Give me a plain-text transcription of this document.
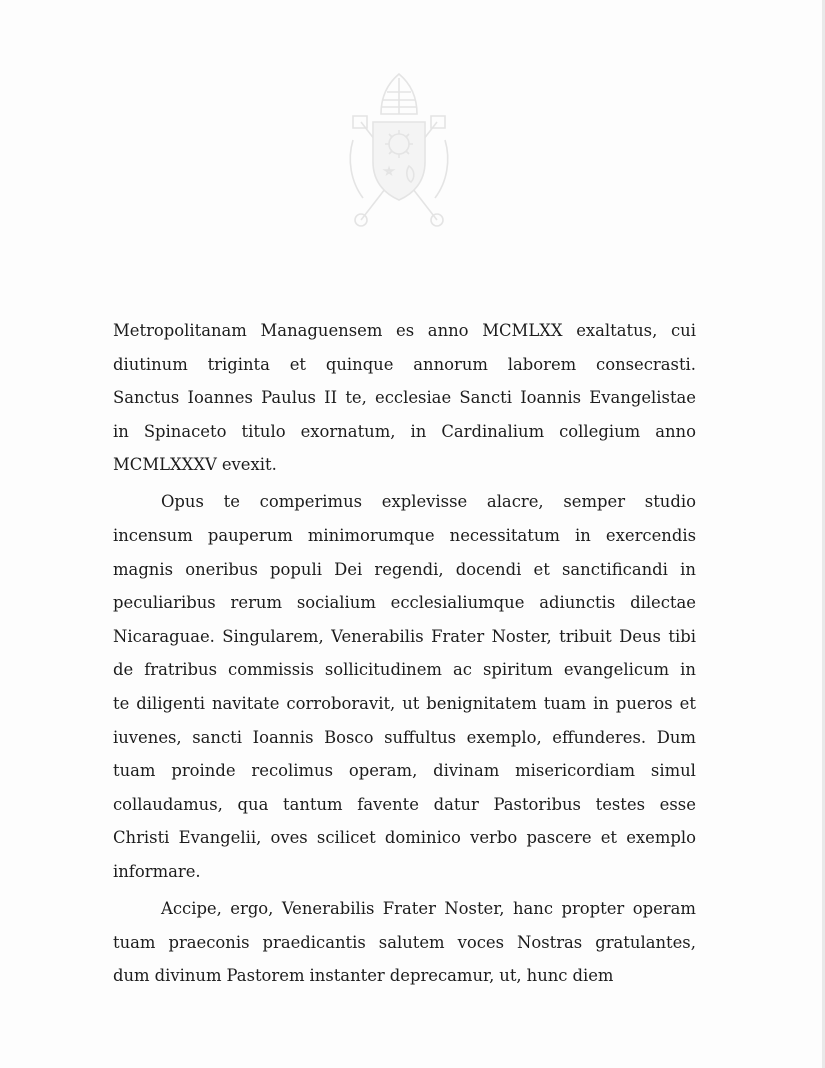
Metropolitanam Managuensem es anno MCMLXX exaltatus, cui
diutinum triginta et quinque annorum laborem consecrasti.
Sanctus Ioannes Paulus II te, ecclesiae Sancti Ioannis Evangelistae
in Spinaceto titulo exornatum, in Cardinalium collegium anno
MCMLXXXV evexit.
Opus te comperimus explevisse alacre, semper studio
incensum pauperum minimorumque necessitatum in exercendis
magnis oneribus populi Dei regendi, docendi et sanctificandi in
peculiaribus rerum socialium ecclesialiumque adiunctis dilectae
Nicaraguae. Singularem, Venerabilis Frater Noster, tribuit Deus tibi
de fratribus commissis sollicitudinem ac spiritum evangelicum in
te diligenti navitate corroboravit, ut benignitatem tuam in pueros et
iuvenes, sancti Ioannis Bosco suffultus exemplo, effunderes. Dum
tuam proinde recolimus operam, divinam misericordiam simul
collaudamus, qua tantum favente datur Pastoribus testes esse
Christi Evangelii, oves scilicet dominico verbo pascere et exemplo
informare.
Accipe, ergo, Venerabilis Frater Noster, hanc propter operam
tuam praeconis praedicantis salutem voces Nostras gratulantes,
dum divinum Pastorem instanter deprecamur, ut, hunc diem
